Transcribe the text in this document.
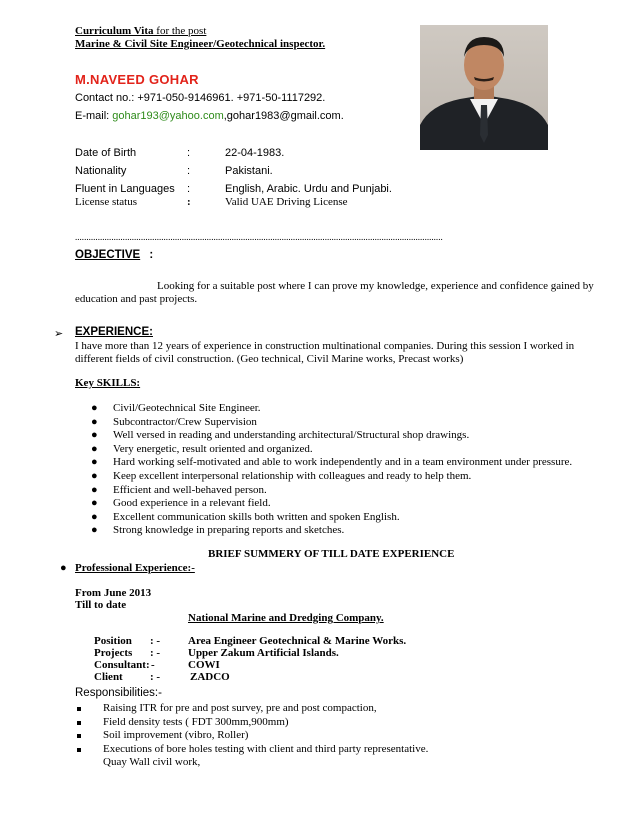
Curriculum Vita for the post
Marine & Civil Site Engineer/Geotechnical inspector.
M.NAVEED GOHAR
Contact no.: +971-050-9146961. +971-50-1117292.
E-mail: gohar193@yahoo.com,gohar1983@gmail.com.
Date of Birth	:	22-04-1983.
Nationality	:	Pakistani.
Fluent in Languages :	English, Arabic. Urdu and Punjabi.
License status	:	Valid UAE Driving License
..................................................................................................................................................................
OBJECTIVE :
Looking for a suitable post where I can prove my knowledge, experience and confidence gained by
education and past projects.
➢ EXPERIENCE:
I have more than 12 years of experience in construction multinational companies. During this session I worked in
different fields of civil construction. (Geo technical, Civil Marine works, Precast works)
Key SKILLS:
● Civil/Geotechnical Site Engineer.
● Subcontractor/Crew Supervision
● Well versed in reading and understanding architectural/Structural shop drawings.
● Very energetic, result oriented and organized.
● Hard working self-motivated and able to work independently and in a team environment under pressure.
● Keep excellent interpersonal relationship with colleagues and ready to help them.
● Efficient and well-behaved person.
● Good experience in a relevant field.
● Excellent communication skills both written and spoken English.
● Strong knowledge in preparing reports and sketches.
BRIEF SUMMERY OF TILL DATE EXPERIENCE
● Professional Experience:-
From June 2013
Till to date
National Marine and Dredging Company.
Position : -	Area Engineer Geotechnical & Marine Works.
Projects : -	Upper Zakum Artificial Islands.
Consultant: -	COWI
Client : -	ZADCO
Responsibilities:-
Raising ITR for pre and post survey, pre and post compaction,
Field density tests ( FDT 300mm,900mm)
Soil improvement (vibro, Roller)
Executions of bore holes testing with client and third party representative.
Quay Wall civil work,
